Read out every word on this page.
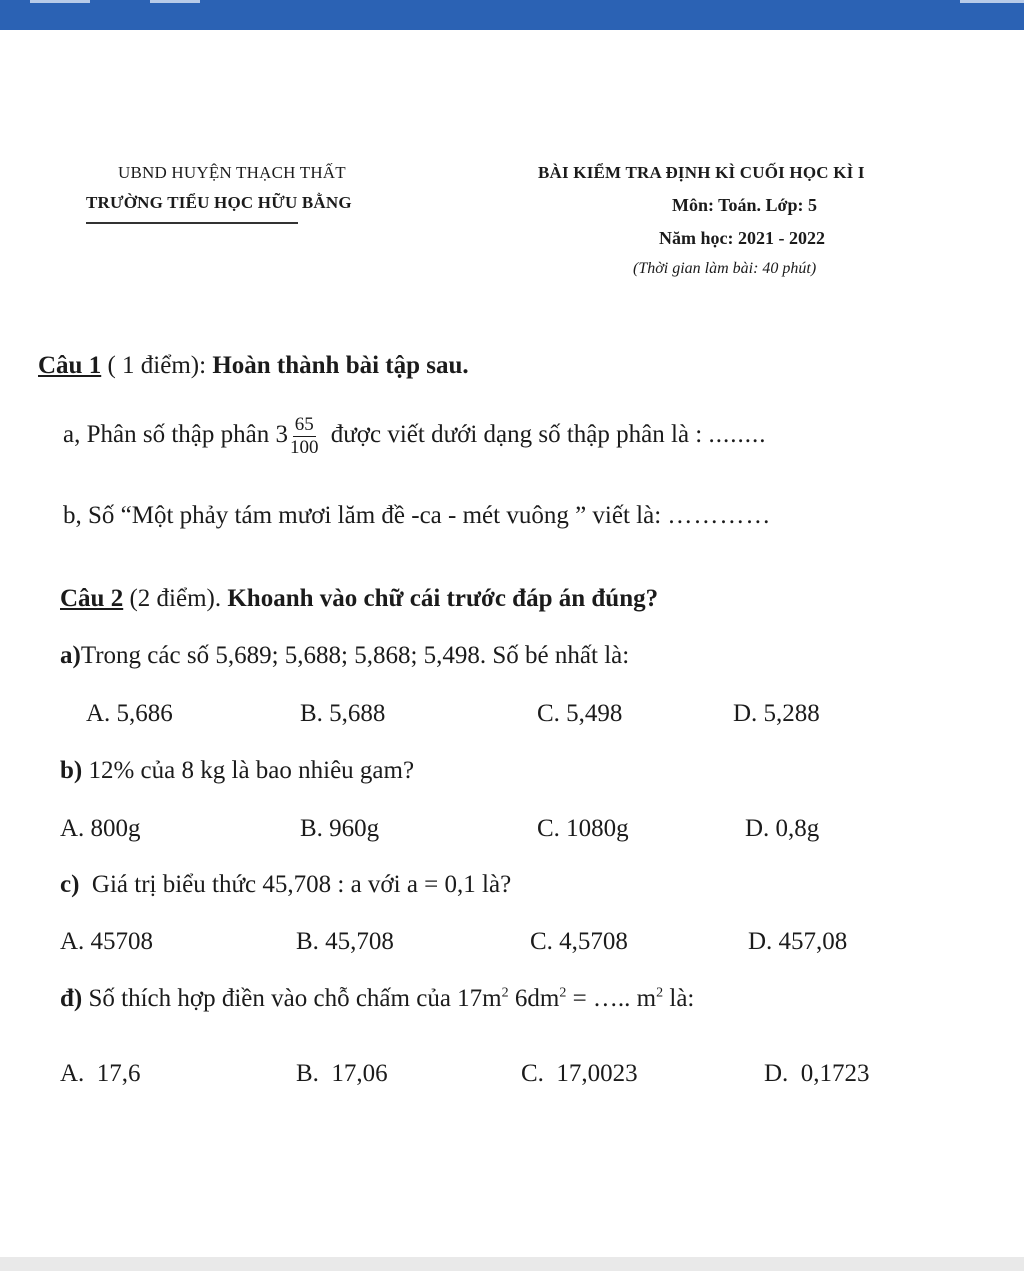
UBND HUYỆN THẠCH THẤT
TRƯỜNG TIỂU HỌC HỮU BẰNG
BÀI KIỂM TRA ĐỊNH KÌ CUỐI HỌC KÌ I
Môn: Toán. Lớp: 5
Năm học: 2021 - 2022
(Thời gian làm bài: 40 phút)
Câu 1 ( 1 điểm): Hoàn thành bài tập sau.
a, Phân số thập phân $3 \frac{65}{100}$ được viết dưới dạng số thập phân là : ........
b, Số “Một phảy tám mươi lăm đề -ca - mét vuông ” viết là: …………
Câu 2 (2 điểm). Khoanh vào chữ cái trước đáp án đúng?
a)Trong các số 5,689; 5,688; 5,868; 5,498. Số bé nhất là:
A. 5,686	B. 5,688	C. 5,498	D. 5,288
b) 12% của 8 kg là bao nhiêu gam?
A. 800g	B. 960g	C. 1080g	D. 0,8g
c)  Giá trị biểu thức 45,708 : a với a = 0,1 là?
A. 45708	B. 45,708	C. 4,5708	D. 457,08
đ) Số thích hợp điền vào chỗ chấm của $17m^2$ $6dm^2$ = ….. $m^2$ là:
A.  17,6	B.  17,06	C.  17,0023	D.  0,1723
